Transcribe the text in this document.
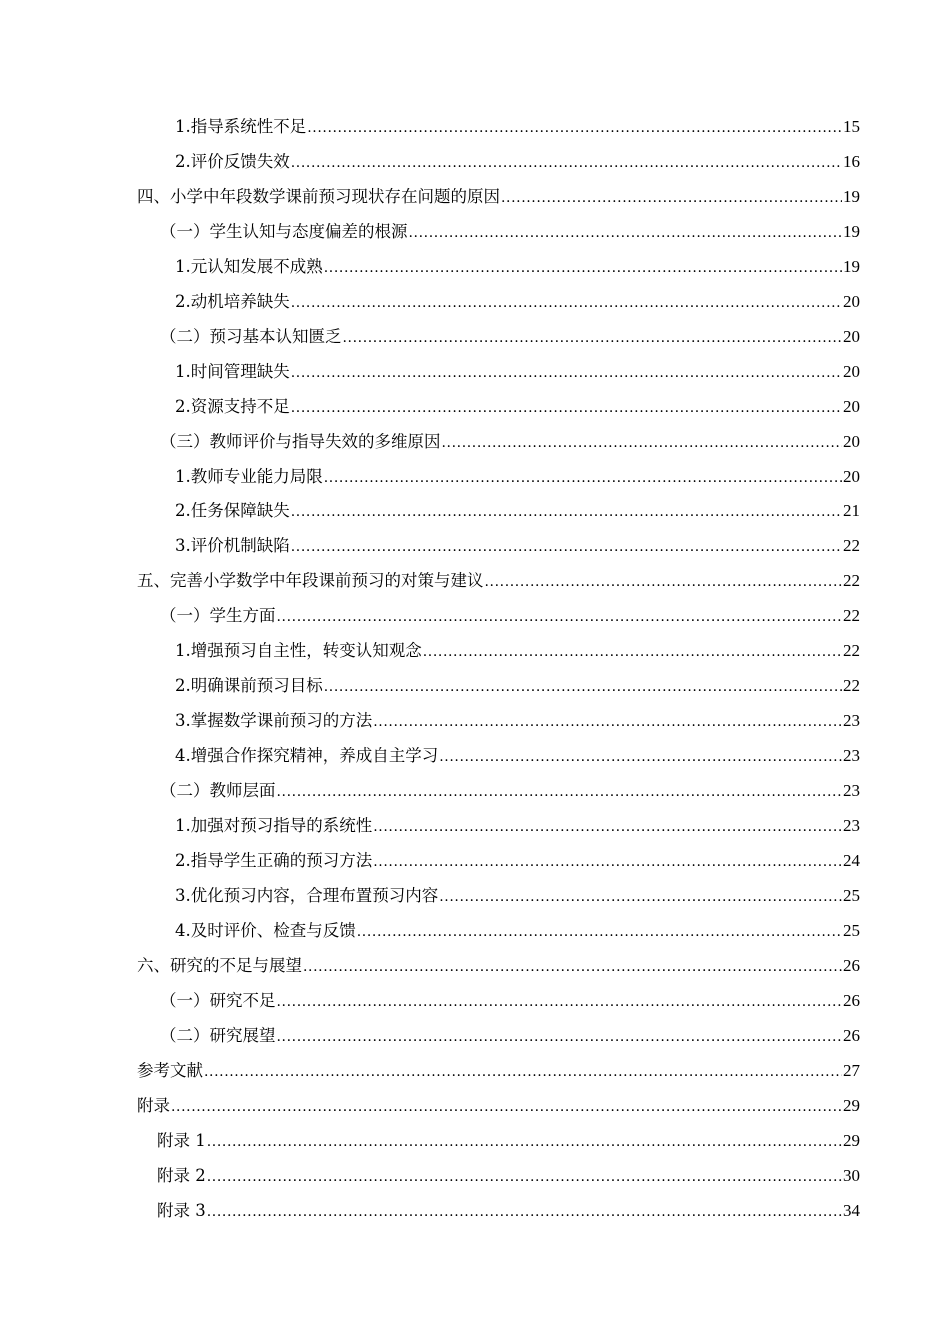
1.指导系统性不足 .....	15
2.评价反馈失效 .....	16
四、小学中年段数学课前预习现状存在问题的原因 .....	19
（一）学生认知与态度偏差的根源 .....	19
1.元认知发展不成熟 .....	19
2.动机培养缺失 .....	20
（二）预习基本认知匮乏 .....	20
1.时间管理缺失 .....	20
2.资源支持不足 .....	20
（三）教师评价与指导失效的多维原因 .....	20
1.教师专业能力局限 .....	20
2.任务保障缺失 .....	21
3.评价机制缺陷 .....	22
五、完善小学数学中年段课前预习的对策与建议 .....	22
（一）学生方面 .....	22
1.增强预习自主性，转变认知观念 .....	22
2.明确课前预习目标 .....	22
3.掌握数学课前预习的方法 .....	23
4.增强合作探究精神，养成自主学习 .....	23
（二）教师层面 .....	23
1.加强对预习指导的系统性 .....	23
2.指导学生正确的预习方法 .....	24
3.优化预习内容，合理布置预习内容 .....	25
4.及时评价、检查与反馈 .....	25
六、研究的不足与展望 .....	26
（一）研究不足 .....	26
（二）研究展望 .....	26
参考文献 .....	27
附录 .....	29
附录 1 .....	29
附录 2 .....	30
附录 3 .....	34
